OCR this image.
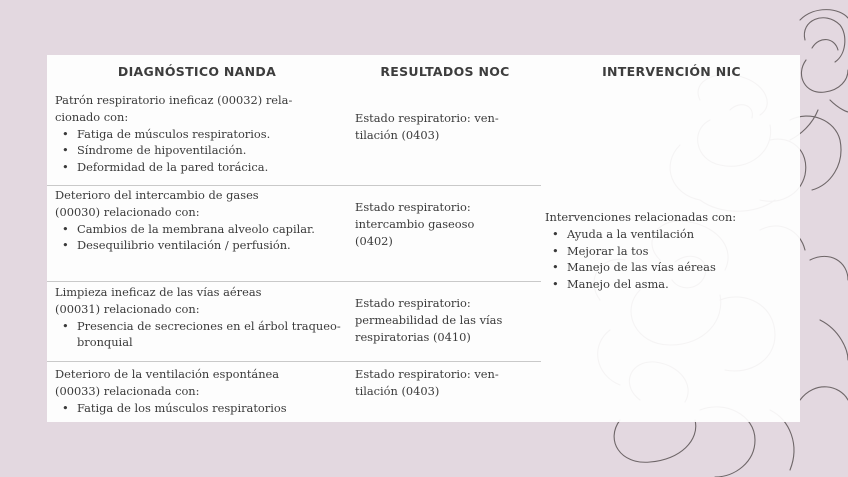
DIAGNÓSTICO NANDA	RESULTADOS NOC	INTERVENCIÓN NIC
Patrón respiratorio ineficaz (00032) rela-
cionado con:
• Fatiga de músculos respiratorios.
• Síndrome de hipoventilación.
• Deformidad de la pared torácica.
Estado respiratorio: ven-
tilación (0403)
Deterioro del intercambio de gases
(00030) relacionado con:
• Cambios de la membrana alveolo capilar.
• Desequilibrio ventilación / perfusión.
Estado respiratorio:
intercambio gaseoso
(0402)
Limpieza ineficaz de las vías aéreas
(00031) relacionado con:
• Presencia de secreciones en el árbol traqueo-bronquial
Estado respiratorio:
permeabilidad de las vías
respiratorias (0410)
Deterioro de la ventilación espontánea
(00033) relacionada con:
• Fatiga de los músculos respiratorios
Estado respiratorio: ven-
tilación (0403)
Intervenciones relacionadas con:
• Ayuda a la ventilación
• Mejorar la tos
• Manejo de las vías aéreas
• Manejo del asma.
